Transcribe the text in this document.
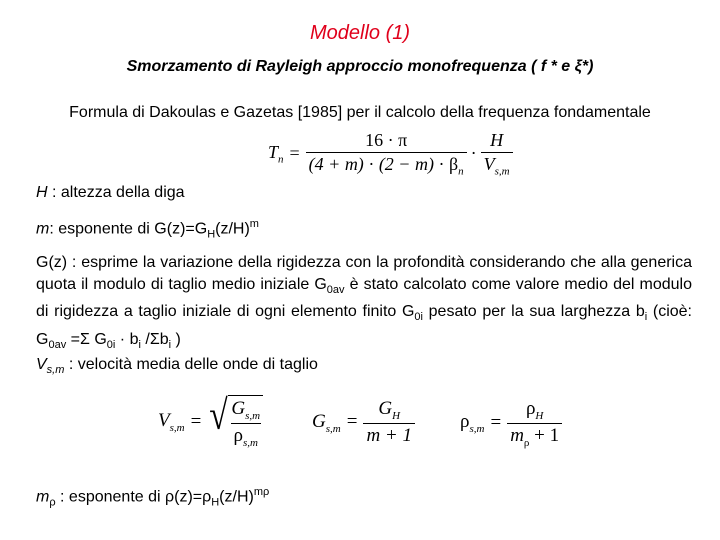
Modello (1)
Smorzamento di Rayleigh approccio monofrequenza ( f * e ξ*)
Formula di Dakoulas e Gazetas [1985] per il calcolo della frequenza fondamentale
$T_n = \frac{16 \cdot \pi}{(4 + m) \cdot (2 - m) \cdot \beta_n} \cdot \frac{H}{V_{s,m}}$
H : altezza della diga
m: esponente di $G(z)=G_H(z/H)^m$
G(z) : esprime la variazione della rigidezza con la profondità considerando che alla generica quota il modulo di taglio medio iniziale $G_{0av}$ è stato calcolato come valore medio del modulo di rigidezza a taglio iniziale di ogni elemento finito $G_{0i}$ pesato per la sua larghezza $b_i$ (cioè: $G_{0av} =\Sigma$ $G_{0i} \cdot b_i$ $/\Sigma b_i$ )
$V_{s,m}$ : velocità media delle onde di taglio
$V_{s,m}$ = √ $\frac{G_{s,m}}{\rho_{s,m}}$	$G_{s,m} = \frac{G_H}{m + 1} \rho_{s,m} = \frac{\rho_H}{m_\rho + 1}$
$m_\rho$ : esponente di $\rho(z)=\rho_H(z/H)^{m\rho}$
